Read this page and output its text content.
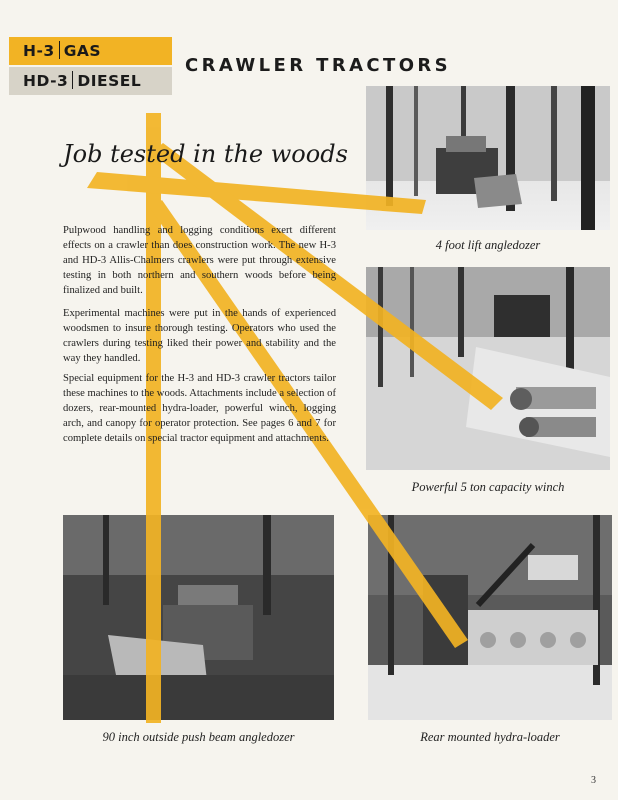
H-3 GAS
HD-3 DIESEL
CRAWLER TRACTORS
Job tested in the woods

Pulpwood handling and logging conditions exert different effects on a crawler than does construction work. The new H-3 and HD-3 Allis-Chalmers crawlers were put through extensive testing in both northern and southern woods before being finalized and built.

Experimental machines were put in the hands of experienced woodsmen to insure thorough testing. Operators who used the crawlers during testing liked their power and stability and the way they handled.

Special equipment for the H-3 and HD-3 crawler tractors tailor these machines to the woods. Attachments include a selection of dozers, rear-mounted hydra-loader, powerful winch, logging arch, and canopy for operator protection. See pages 6 and 7 for complete details on special tractor equipment and attachments.

4 foot lift angledozer
Powerful 5 ton capacity winch
90 inch outside push beam angledozer	Rear mounted hydra-loader
3
